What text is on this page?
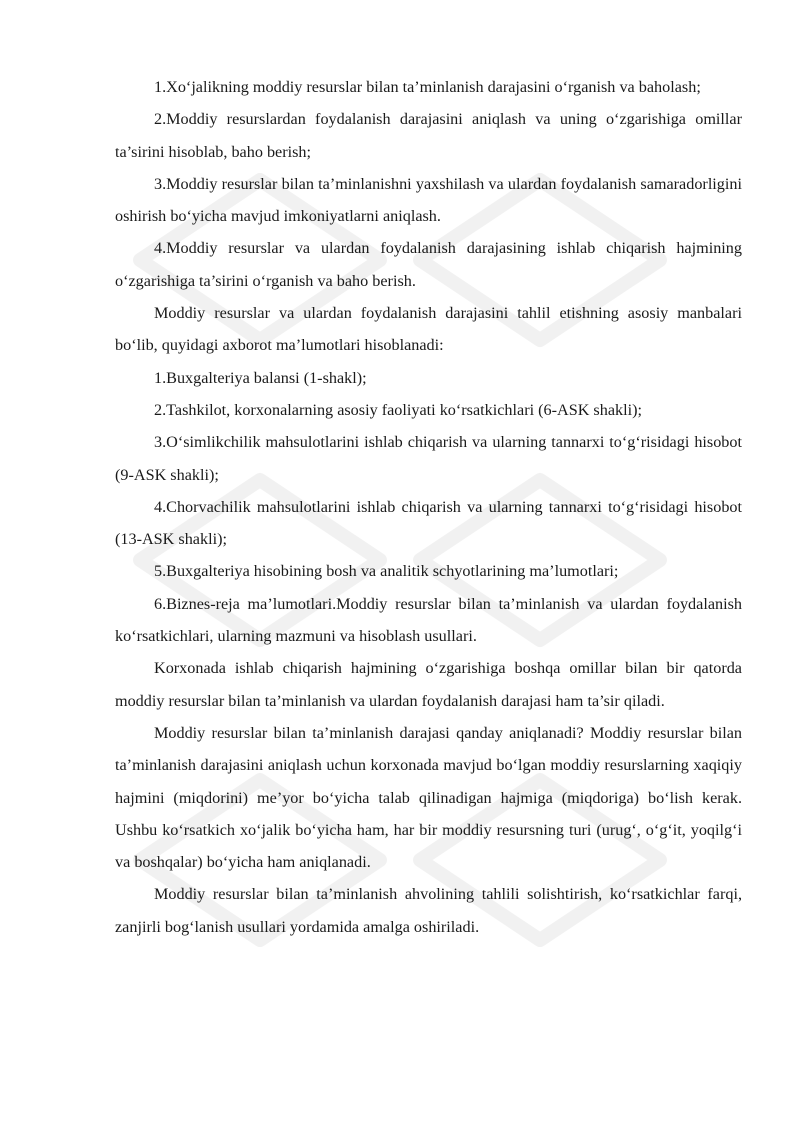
1.Xo‘jalikning moddiy resurslar bilan ta’minlanish darajasini o‘rganish va baholash;

2.Moddiy resurslardan foydalanish darajasini aniqlash va uning o‘zgarishiga omillar ta’sirini hisoblab, baho berish;

3.Moddiy resurslar bilan ta’minlanishni yaxshilash va ulardan foydalanish samaradorligini oshirish bo‘yicha mavjud imkoniyatlarni aniqlash.

4.Moddiy resurslar va ulardan foydalanish darajasining ishlab chiqarish hajmining o‘zgarishiga ta’sirini o‘rganish va baho berish.

Moddiy resurslar va ulardan foydalanish darajasini tahlil etishning asosiy manbalari bo‘lib, quyidagi axborot ma’lumotlari hisoblanadi:

1.Buxgalteriya balansi (1-shakl);

2.Tashkilot, korxonalarning asosiy faoliyati ko‘rsatkichlari (6-ASK shakli);

3.O‘simlikchilik mahsulotlarini ishlab chiqarish va ularning tannarxi to‘g‘risidagi hisobot (9-ASK shakli);

4.Chorvachilik mahsulotlarini ishlab chiqarish va ularning tannarxi to‘g‘risidagi hisobot (13-ASK shakli);

5.Buxgalteriya hisobining bosh va analitik schyotlarining ma’lumotlari;

6.Biznes-reja ma’lumotlari.Moddiy resurslar bilan ta’minlanish va ulardan foydalanish ko‘rsatkichlari, ularning mazmuni va hisoblash usullari.

Korxonada ishlab chiqarish hajmining o‘zgarishiga boshqa omillar bilan bir qatorda moddiy resurslar bilan ta’minlanish va ulardan foydalanish darajasi ham ta’sir qiladi.

Moddiy resurslar bilan ta’minlanish darajasi qanday aniqlanadi? Moddiy resurslar bilan ta’minlanish darajasini aniqlash uchun korxonada mavjud bo‘lgan moddiy resurslarning xaqiqiy hajmini (miqdorini) me’yor bo‘yicha talab qilinadigan hajmiga (miqdoriga) bo‘lish kerak. Ushbu ko‘rsatkich xo‘jalik bo‘yicha ham, har bir moddiy resursning turi (urug‘, o‘g‘it, yoqilg‘i va boshqalar) bo‘yicha ham aniqlanadi.

Moddiy resurslar bilan ta’minlanish ahvolining tahlili solishtirish, ko‘rsatkichlar farqi, zanjirli bog‘lanish usullari yordamida amalga oshiriladi.
